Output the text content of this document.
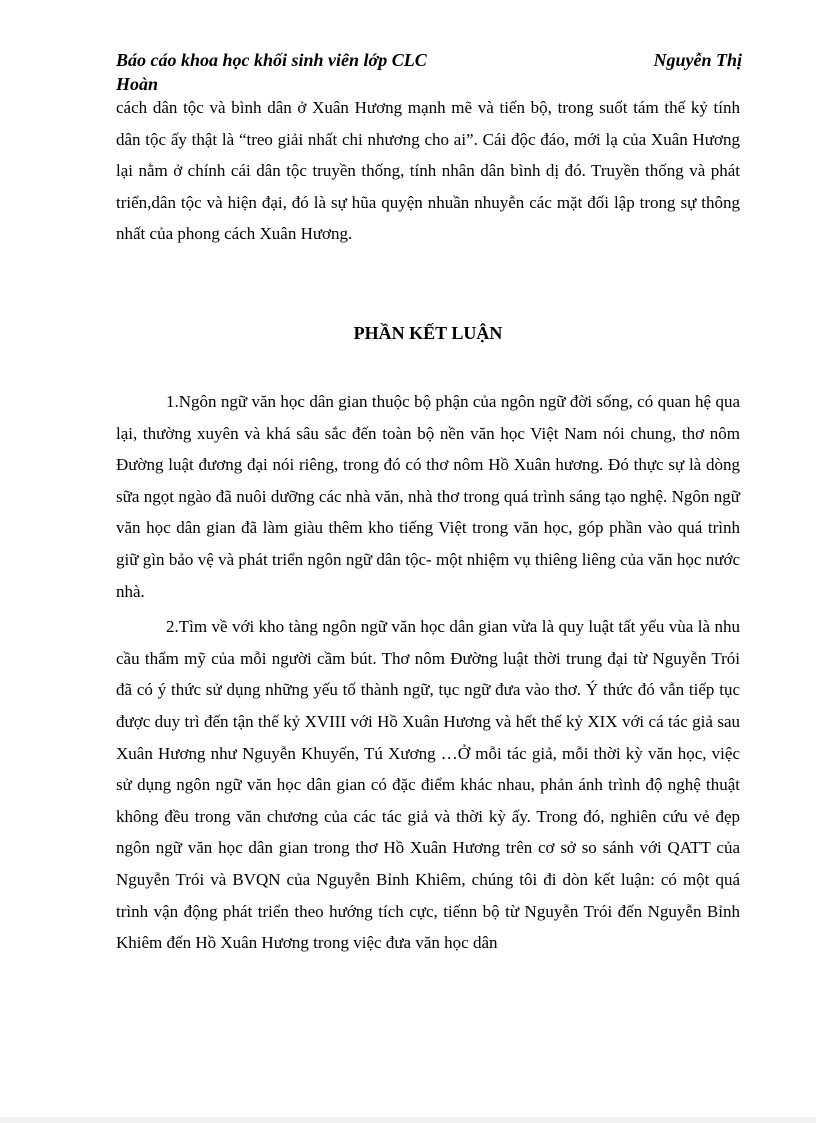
Báo cáo khoa học khối sinh viên lớp CLC
Hoàn
Nguyễn Thị
cách dân tộc và bình dân ở Xuân Hương mạnh mẽ và tiến bộ, trong suốt tám thế kỷ tính dân tộc ấy thật là “treo giải nhất chi nhương cho ai”. Cái độc đáo, mới lạ của Xuân Hương lại nằm ở chính cái dân tộc truyền thống, tính nhân dân bình dị đó. Truyền thống và phát triển,dân tộc và hiện đại, đó là sự hũa quyện nhuần nhuyễn các mặt đối lập trong sự thông nhất của phong cách Xuân Hương.
PHẦN KẾT LUẬN

1.Ngôn ngữ văn học dân gian thuộc bộ phận của ngôn ngữ đời sống, có quan hệ qua lại, thường xuyên và khá sâu sắc đến toàn bộ nền văn học Việt Nam nói chung, thơ nôm Đường luật đương đại nói riêng, trong đó có thơ nôm Hồ Xuân hương. Đó thực sự là dòng sữa ngọt ngào đã nuôi dưỡng các nhà văn, nhà thơ trong quá trình sáng tạo nghệ. Ngôn ngữ văn học dân gian đã làm giàu thêm kho tiếng Việt trong văn học, góp phần vào quá trình giữ gìn bảo vệ và phát triển ngôn ngữ dân tộc- một nhiệm vụ thiêng liêng của văn học nước nhà.

2.Tìm về với kho tàng ngôn ngữ văn học dân gian vừa là quy luật tất yếu vùa là nhu cầu thẩm mỹ của mỗi người cầm bút. Thơ nôm Đường luật thời trung đại từ Nguyễn Trói đã có ý thức sử dụng những yếu tố thành ngữ, tục ngữ đưa vào thơ. Ý thức đó vẫn tiếp tục được duy trì đến tận thế kỷ XVIII với Hồ Xuân Hương và hết thế kỷ XIX với cá tác giả sau Xuân Hương như Nguyễn Khuyến, Tú Xương …Ở mỗi tác giả, mỗi thời kỳ văn học, việc sử dụng ngôn ngữ văn học dân gian có đặc điểm khác nhau, phản ánh trình độ nghệ thuật không đều trong văn chương của các tác giả và thời kỳ ấy. Trong đó, nghiên cứu vẻ đẹp ngôn ngữ văn học dân gian trong thơ Hồ Xuân Hương trên cơ sở so sánh với QATT của Nguyễn Trói và BVQN của Nguyễn Bỉnh Khiêm, chúng tôi đi dòn kết luận: có một quá trình vận động phát triển theo hướng tích cực, tiếnn bộ từ Nguyễn Trói đến Nguyễn Bỉnh Khiêm đến Hồ Xuân Hương trong việc đưa văn học dân
